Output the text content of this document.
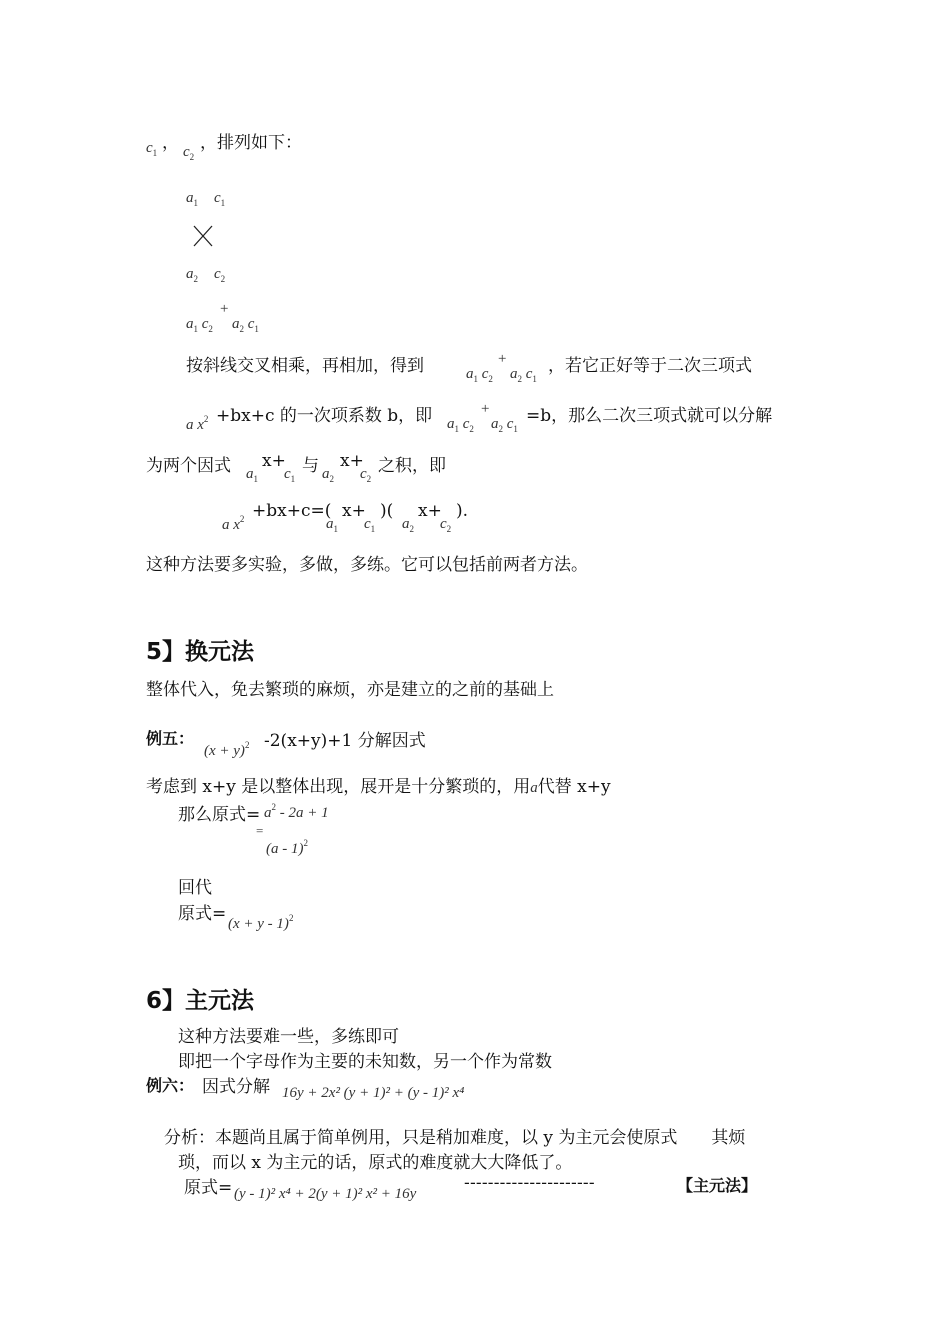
$c_1$ ， $c_2$
，排列如下：
$a_1$ $c_1$
$a_2$ $c_2$
$a_1$ $c_2$
+
$a_2$ $c_1$
按斜线交叉相乘，再相加，得到	$a_1$ $c_2$
+
$a_2$ $c_1$
，若它正好等于二次三项式
a $x^2 +bx+c$ 的一次项系数 b，即 $a_1$ $c_2$
+
$a_2$ $c_1$
=b，那么二次三项式就可以分解
为两个因式 $a_1$
x+
$c_1$
与 $a_2$
x+
$c_2$
之积，即
a $x^2 +bx+c=$(
$a_1$
x+
$c_1$
)(
$a_2$
x+
$c_2$
).
这种方法要多实验，多做，多练。它可以包括前两者方法。
5】换元法
整体代入，免去繁琐的麻烦，亦是建立的之前的基础上
例五：
$(x + y)^2$ -2(x+y)+1 分解因式
考虑到 x+y 是以整体出现，展开是十分繁琐的，用a代替 x+y
那么原式= $a^2 - 2a + 1$
=
(a - 1)$^2$
回代
原式= $(x + y - 1)^2$
6】主元法
这种方法要难一些，多练即可
即把一个字母作为主要的未知数，另一个作为常数
例六： 因式分解 16y + 2x² (y + 1)² + (y - 1)² x⁴
分析：本题尚且属于简单例用，只是稍加难度，以 y 为主元会使原式　　其烦
琐，而以 x 为主元的话，原式的难度就大大降低了。
原式= (y - 1)² x⁴ + 2(y + 1)² x² + 16y
----------------------	【主元法】
